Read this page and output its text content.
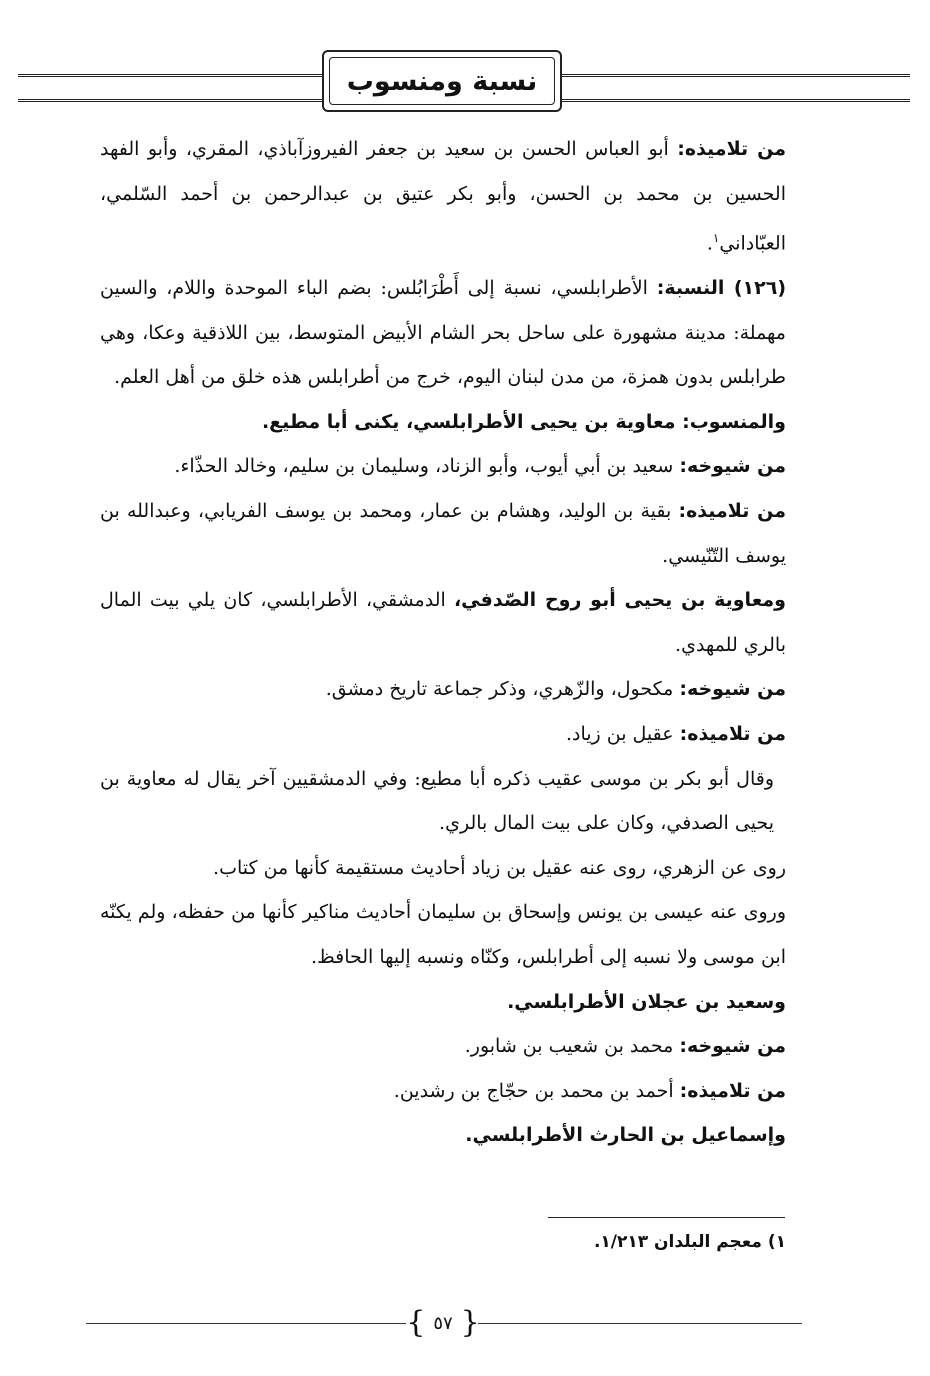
نسبة ومنسوب

من تلاميذه: أبو العباس الحسن بن سعيد بن جعفر الفيروزآباذي، المقري، وأبو الفهد الحسين بن محمد بن الحسن، وأبو بكر عتيق بن عبدالرحمن بن أحمد السّلمي، العبّاداني$^١$.

(١٢٦) النسبة: الأطرابلسي، نسبة إلى أَطْرَابُلس: بضم الباء الموحدة واللام، والسين مهملة: مدينة مشهورة على ساحل بحر الشام الأبيض المتوسط، بين اللاذقية وعكا، وهي طرابلس بدون همزة، من مدن لبنان اليوم، خرج من أطرابلس هذه خلق من أهل العلم.

والمنسوب: معاوية بن يحيى الأطرابلسي، يكنى أبا مطيع.

من شيوخه: سعيد بن أبي أيوب، وأبو الزناد، وسليمان بن سليم، وخالد الحذّاء.

من تلاميذه: بقية بن الوليد، وهشام بن عمار، ومحمد بن يوسف الفريابي، وعبدالله بن يوسف التّنّيسي.

ومعاوية بن يحيى أبو روح الصّدفي، الدمشقي، الأطرابلسي، كان يلي بيت المال بالري للمهدي.

من شيوخه: مكحول، والزّهري، وذكر جماعة تاريخ دمشق.

من تلاميذه: عقيل بن زياد.

وقال أبو بكر بن موسى عقيب ذكره أبا مطيع: وفي الدمشقيين آخر يقال له معاوية بن يحيى الصدفي، وكان على بيت المال بالري.

روى عن الزهري، روى عنه عقيل بن زياد أحاديث مستقيمة كأنها من كتاب.

وروى عنه عيسى بن يونس وإسحاق بن سليمان أحاديث مناكير كأنها من حفظه، ولم يكنّه ابن موسى ولا نسبه إلى أطرابلس، وكنّاه ونسبه إليها الحافظ.

وسعيد بن عجلان الأطرابلسي.

من شيوخه: محمد بن شعيب بن شابور.

من تلاميذه: أحمد بن محمد بن حجّاج بن رشدين.

وإسماعيل بن الحارث الأطرابلسي.

١) معجم البلدان ١/٢١٣.
{ ٥٧ }
